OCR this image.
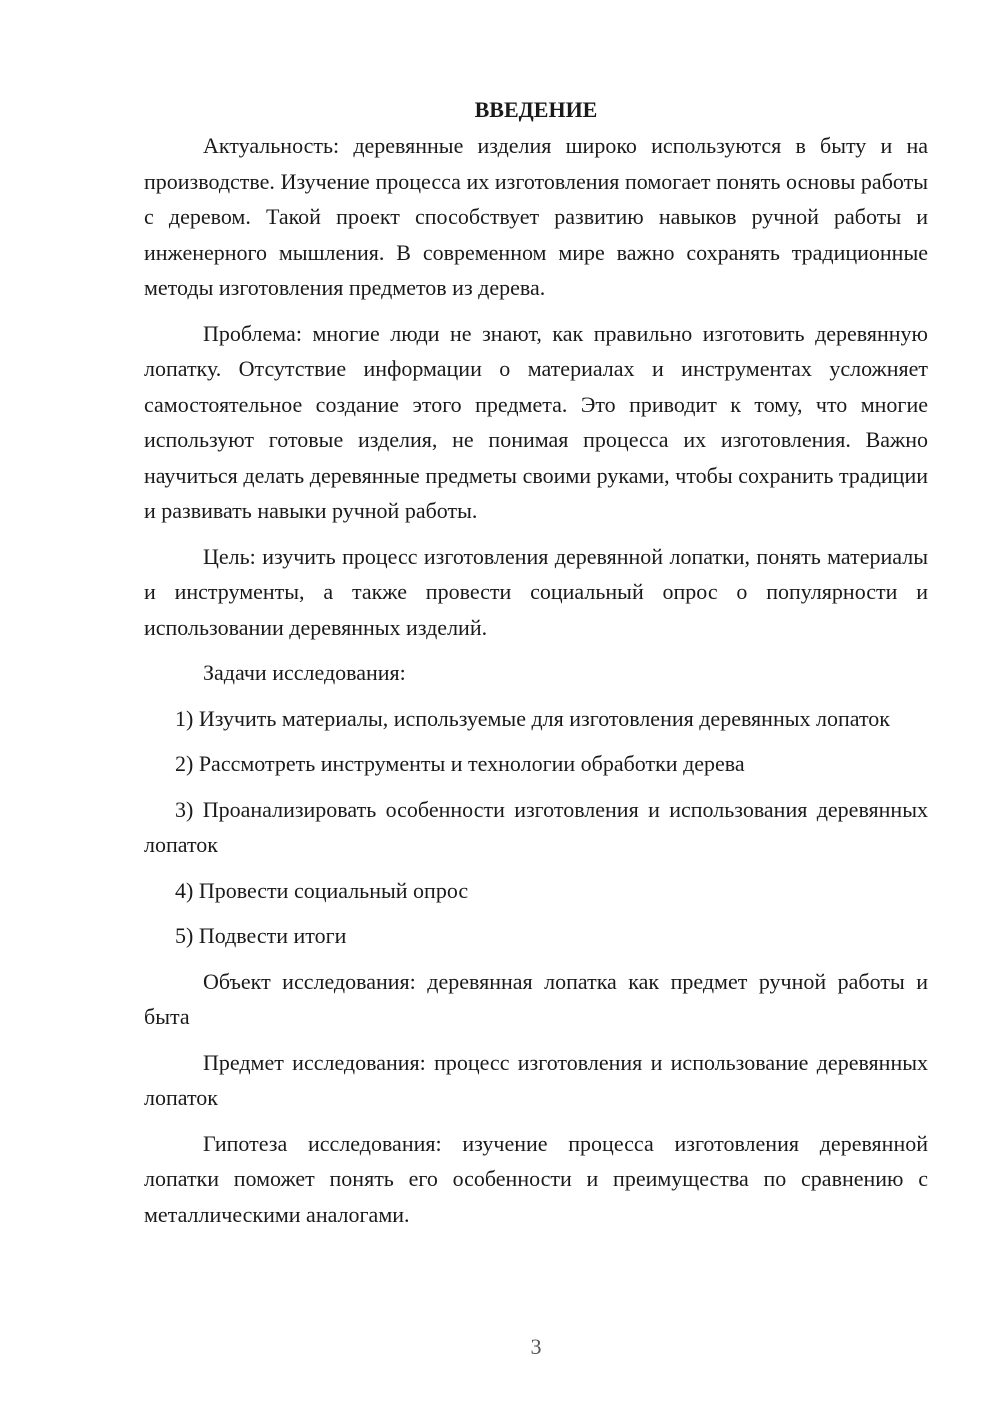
ВВЕДЕНИЕ

Актуальность: деревянные изделия широко используются в быту и на производстве. Изучение процесса их изготовления помогает понять основы работы с деревом. Такой проект способствует развитию навыков ручной работы и инженерного мышления. В современном мире важно сохранять традиционные методы изготовления предметов из дерева.

Проблема: многие люди не знают, как правильно изготовить деревянную лопатку. Отсутствие информации о материалах и инструментах усложняет самостоятельное создание этого предмета. Это приводит к тому, что многие используют готовые изделия, не понимая процесса их изготовления. Важно научиться делать деревянные предметы своими руками, чтобы сохранить традиции и развивать навыки ручной работы.

Цель: изучить процесс изготовления деревянной лопатки, понять материалы и инструменты, а также провести социальный опрос о популярности и использовании деревянных изделий.

Задачи исследования:

1) Изучить материалы, используемые для изготовления деревянных лопаток

2) Рассмотреть инструменты и технологии обработки дерева

3) Проанализировать особенности изготовления и использования деревянных лопаток

4) Провести социальный опрос

5) Подвести итоги

Объект исследования: деревянная лопатка как предмет ручной работы и быта

Предмет исследования: процесс изготовления и использование деревянных лопаток

Гипотеза исследования: изучение процесса изготовления деревянной лопатки поможет понять его особенности и преимущества по сравнению с металлическими аналогами.

3
